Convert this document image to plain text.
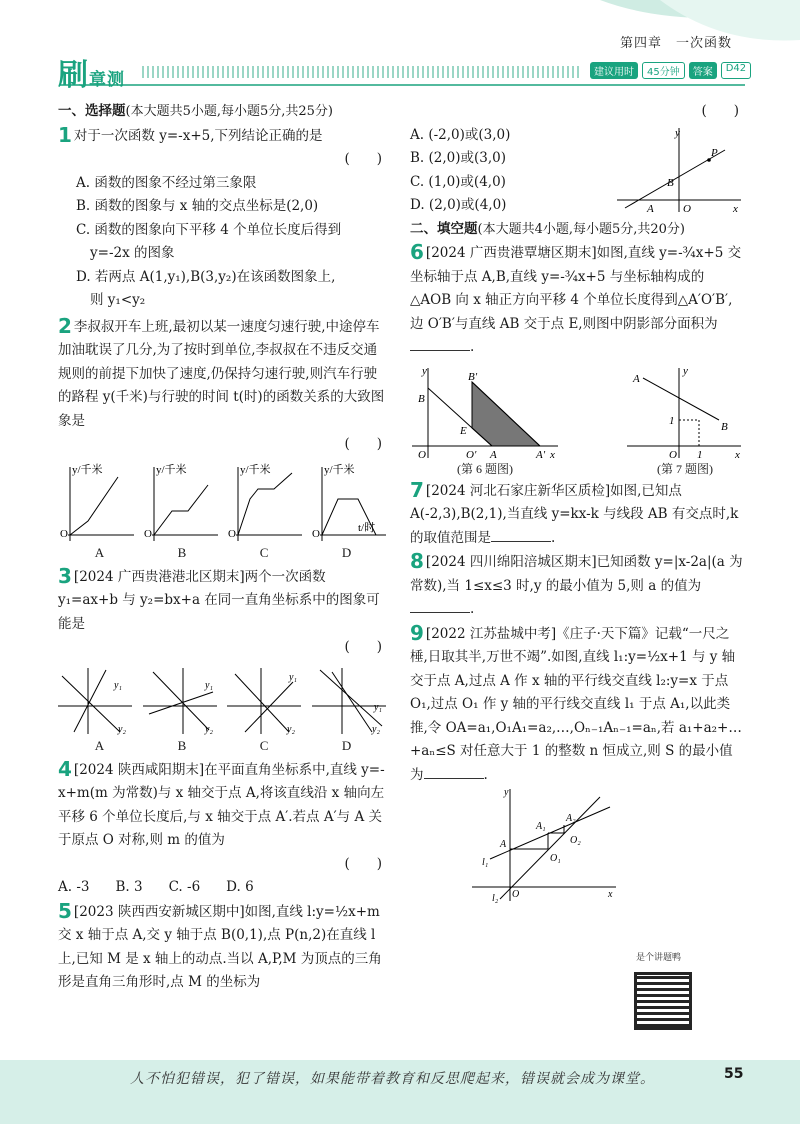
刷章测
第四章　一次函数
建议用时	45分钟	答案	D42

一、选择题(本大题共5小题,每小题5分,共25分)

1 对于一次函数 y=-x+5,下列结论正确的是

(　　)

A. 函数的图象不经过第三象限

B. 函数的图象与 x 轴的交点坐标是(2,0)

C. 函数的图象向下平移 4 个单位长度后得到

y=-2x 的图象

D. 若两点 A(1,y₁),B(3,y₂)在该函数图象上,

则 y₁<y₂

2 李叔叔开车上班,最初以某一速度匀速行驶,中途停车加油耽误了几分,为了按时到单位,李叔叔在不违反交通规则的前提下加快了速度,仍保持匀速行驶,则汽车行驶的路程 y(千米)与行驶的时间 t(时)的函数关系的大致图象是

(　　)
y/千米
O
y/千米
O
y/千米
O
y/千米
O	t/时
A	B	C	D

3 [2024 广西贵港港北区期末]两个一次函数 y₁=ax+b 与 y₂=bx+a 在同一直角坐标系中的图象可能是

(　　)
y₁
y₂
y₁
y₂
y₁
y₂
y₁
y₂
A	B	C	D

4 [2024 陕西咸阳期末]在平面直角坐标系中,直线 y=-x+m(m 为常数)与 x 轴交于点 A,将该直线沿 x 轴向左平移 6 个单位长度后,与 x 轴交于点 A′.若点 A′与 A 关于原点 O 对称,则 m 的值为

(　　)

A. -3 B. 3 C. -6 D. 6

5 [2023 陕西西安新城区期中]如图,直线 l:y=½x+m 交 x 轴于点 A,交 y 轴于点 B(0,1),点 P(n,2)在直线 l 上,已知 M 是 x 轴上的动点.当以 A,P,M 为顶点的三角形是直角三角形时,点 M 的坐标为

(　　)

A. (-2,0)或(3,0)

B. (2,0)或(3,0)

C. (1,0)或(4,0)

D. (2,0)或(4,0)

y
P
B
A	O	x

二、填空题(本大题共4小题,每小题5分,共20分)

6 [2024 广西贵港覃塘区期末]如图,直线 y=-¾x+5 交坐标轴于点 A,B,直线 y=-¾x+5 与坐标轴构成的△AOB 向 x 轴正方向平移 4 个单位长度得到△A′O′B′,边 O′B′与直线 AB 交于点 E,则图中阴影部分面积为.

y
B
B′
E
O	O′ A	A′ x
(第 6 题图)
A
y
1	B
O 1	x
(第 7 题图)

7 [2024 河北石家庄新华区质检]如图,已知点 A(-2,3),B(2,1),当直线 y=kx-k 与线段 AB 有交点时,k 的取值范围是	.

8 [2024 四川绵阳涪城区期末]已知函数 y=|x-2a|(a 为常数),当 1≤x≤3 时,y 的最小值为 5,则 a 的值为.

9 [2022 江苏盐城中考]《庄子·天下篇》记载“一尺之棰,日取其半,万世不竭”.如图,直线 l₁:y=½x+1 与 y 轴交于点 A,过点 A 作 x 轴的平行线交直线 l₂:y=x 于点 O₁,过点 O₁ 作 y 轴的平行线交直线 l₁ 于点 A₁,以此类推,令 OA=a₁,O₁A₁=a₂,…,Oₙ₋₁Aₙ₋₁=aₙ,若 a₁+a₂+…+aₙ≤S 对任意大于 1 的整数 n 恒成立,则 S 的最小值为	.

y
A₂
A₁
O₂
A
O₁
l₁
O	x
l₂
是个讲题鸭
人不怕犯错误，犯了错误，如果能带着教育和反思爬起来，错误就会成为课堂。	55
